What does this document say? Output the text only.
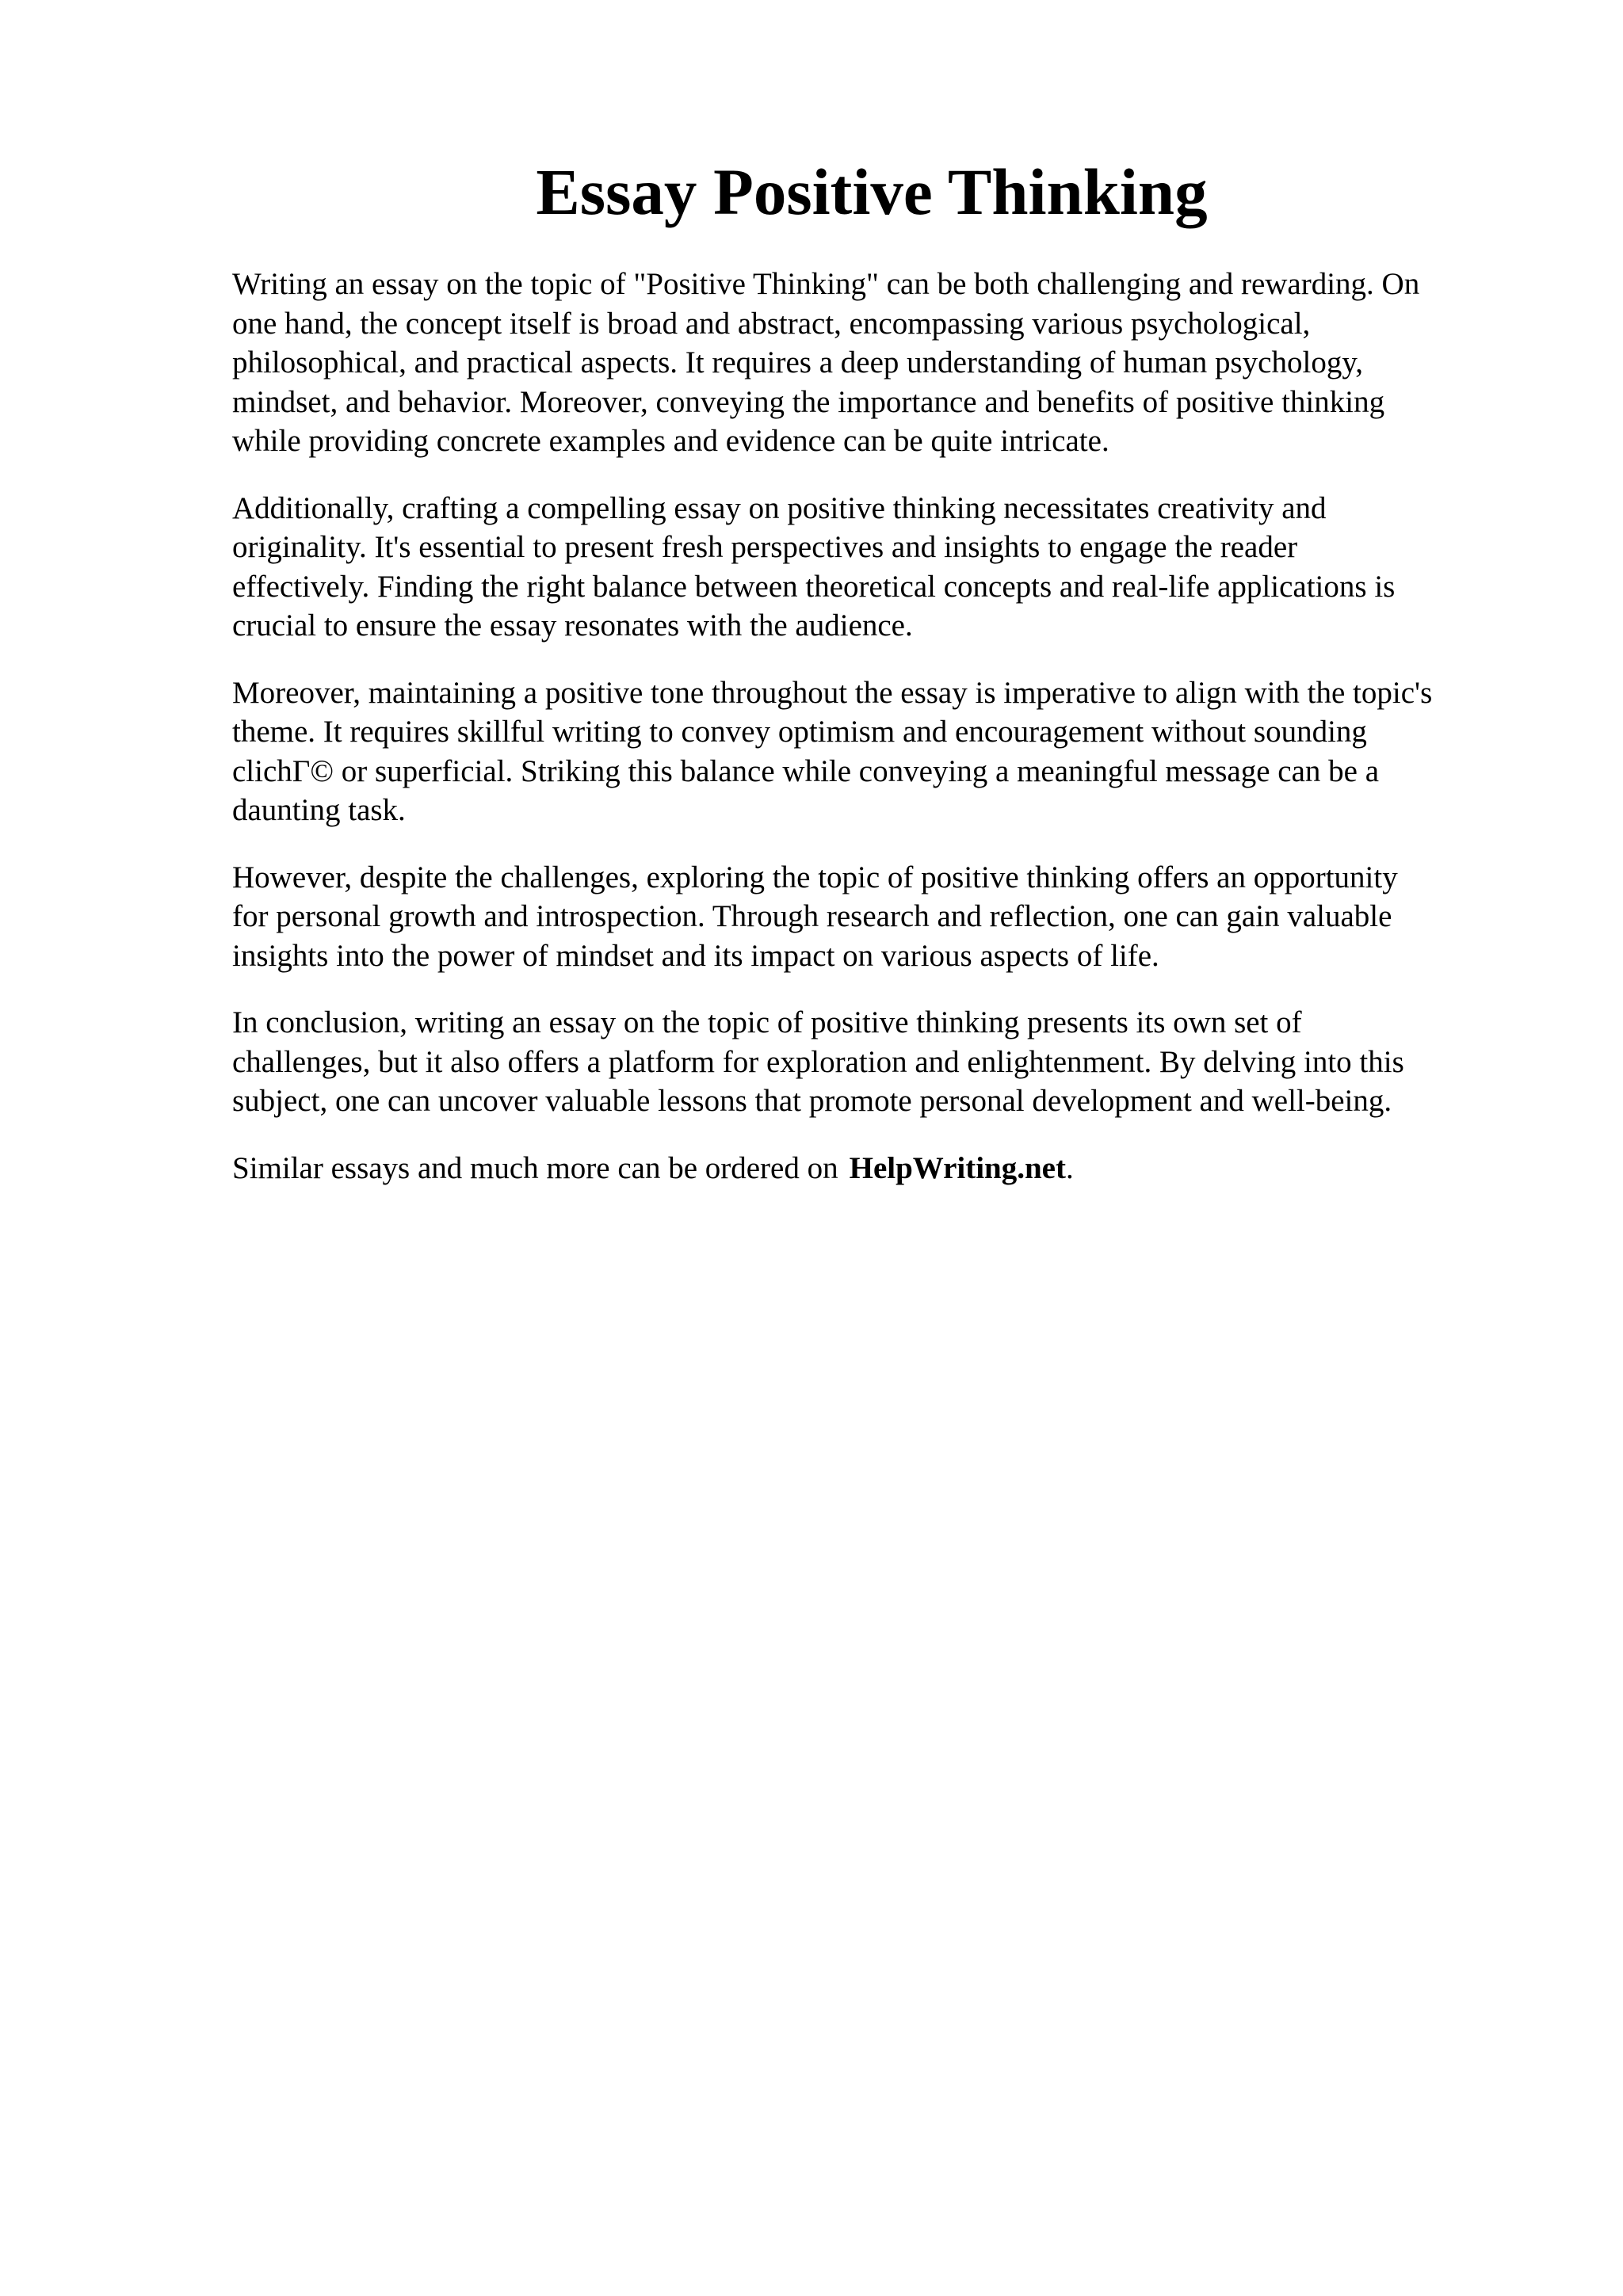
Essay Positive Thinking

Writing an essay on the topic of "Positive Thinking" can be both challenging and rewarding. On
one hand, the concept itself is broad and abstract, encompassing various psychological,
philosophical, and practical aspects. It requires a deep understanding of human psychology,
mindset, and behavior. Moreover, conveying the importance and benefits of positive thinking
while providing concrete examples and evidence can be quite intricate.

Additionally, crafting a compelling essay on positive thinking necessitates creativity and
originality. It's essential to present fresh perspectives and insights to engage the reader
effectively. Finding the right balance between theoretical concepts and real-life applications is
crucial to ensure the essay resonates with the audience.

Moreover, maintaining a positive tone throughout the essay is imperative to align with the topic's
theme. It requires skillful writing to convey optimism and encouragement without sounding
clichΓ© or superficial. Striking this balance while conveying a meaningful message can be a
daunting task.

However, despite the challenges, exploring the topic of positive thinking offers an opportunity
for personal growth and introspection. Through research and reflection, one can gain valuable
insights into the power of mindset and its impact on various aspects of life.

In conclusion, writing an essay on the topic of positive thinking presents its own set of
challenges, but it also offers a platform for exploration and enlightenment. By delving into this
subject, one can uncover valuable lessons that promote personal development and well-being.

Similar essays and much more can be ordered on HelpWriting.net.
